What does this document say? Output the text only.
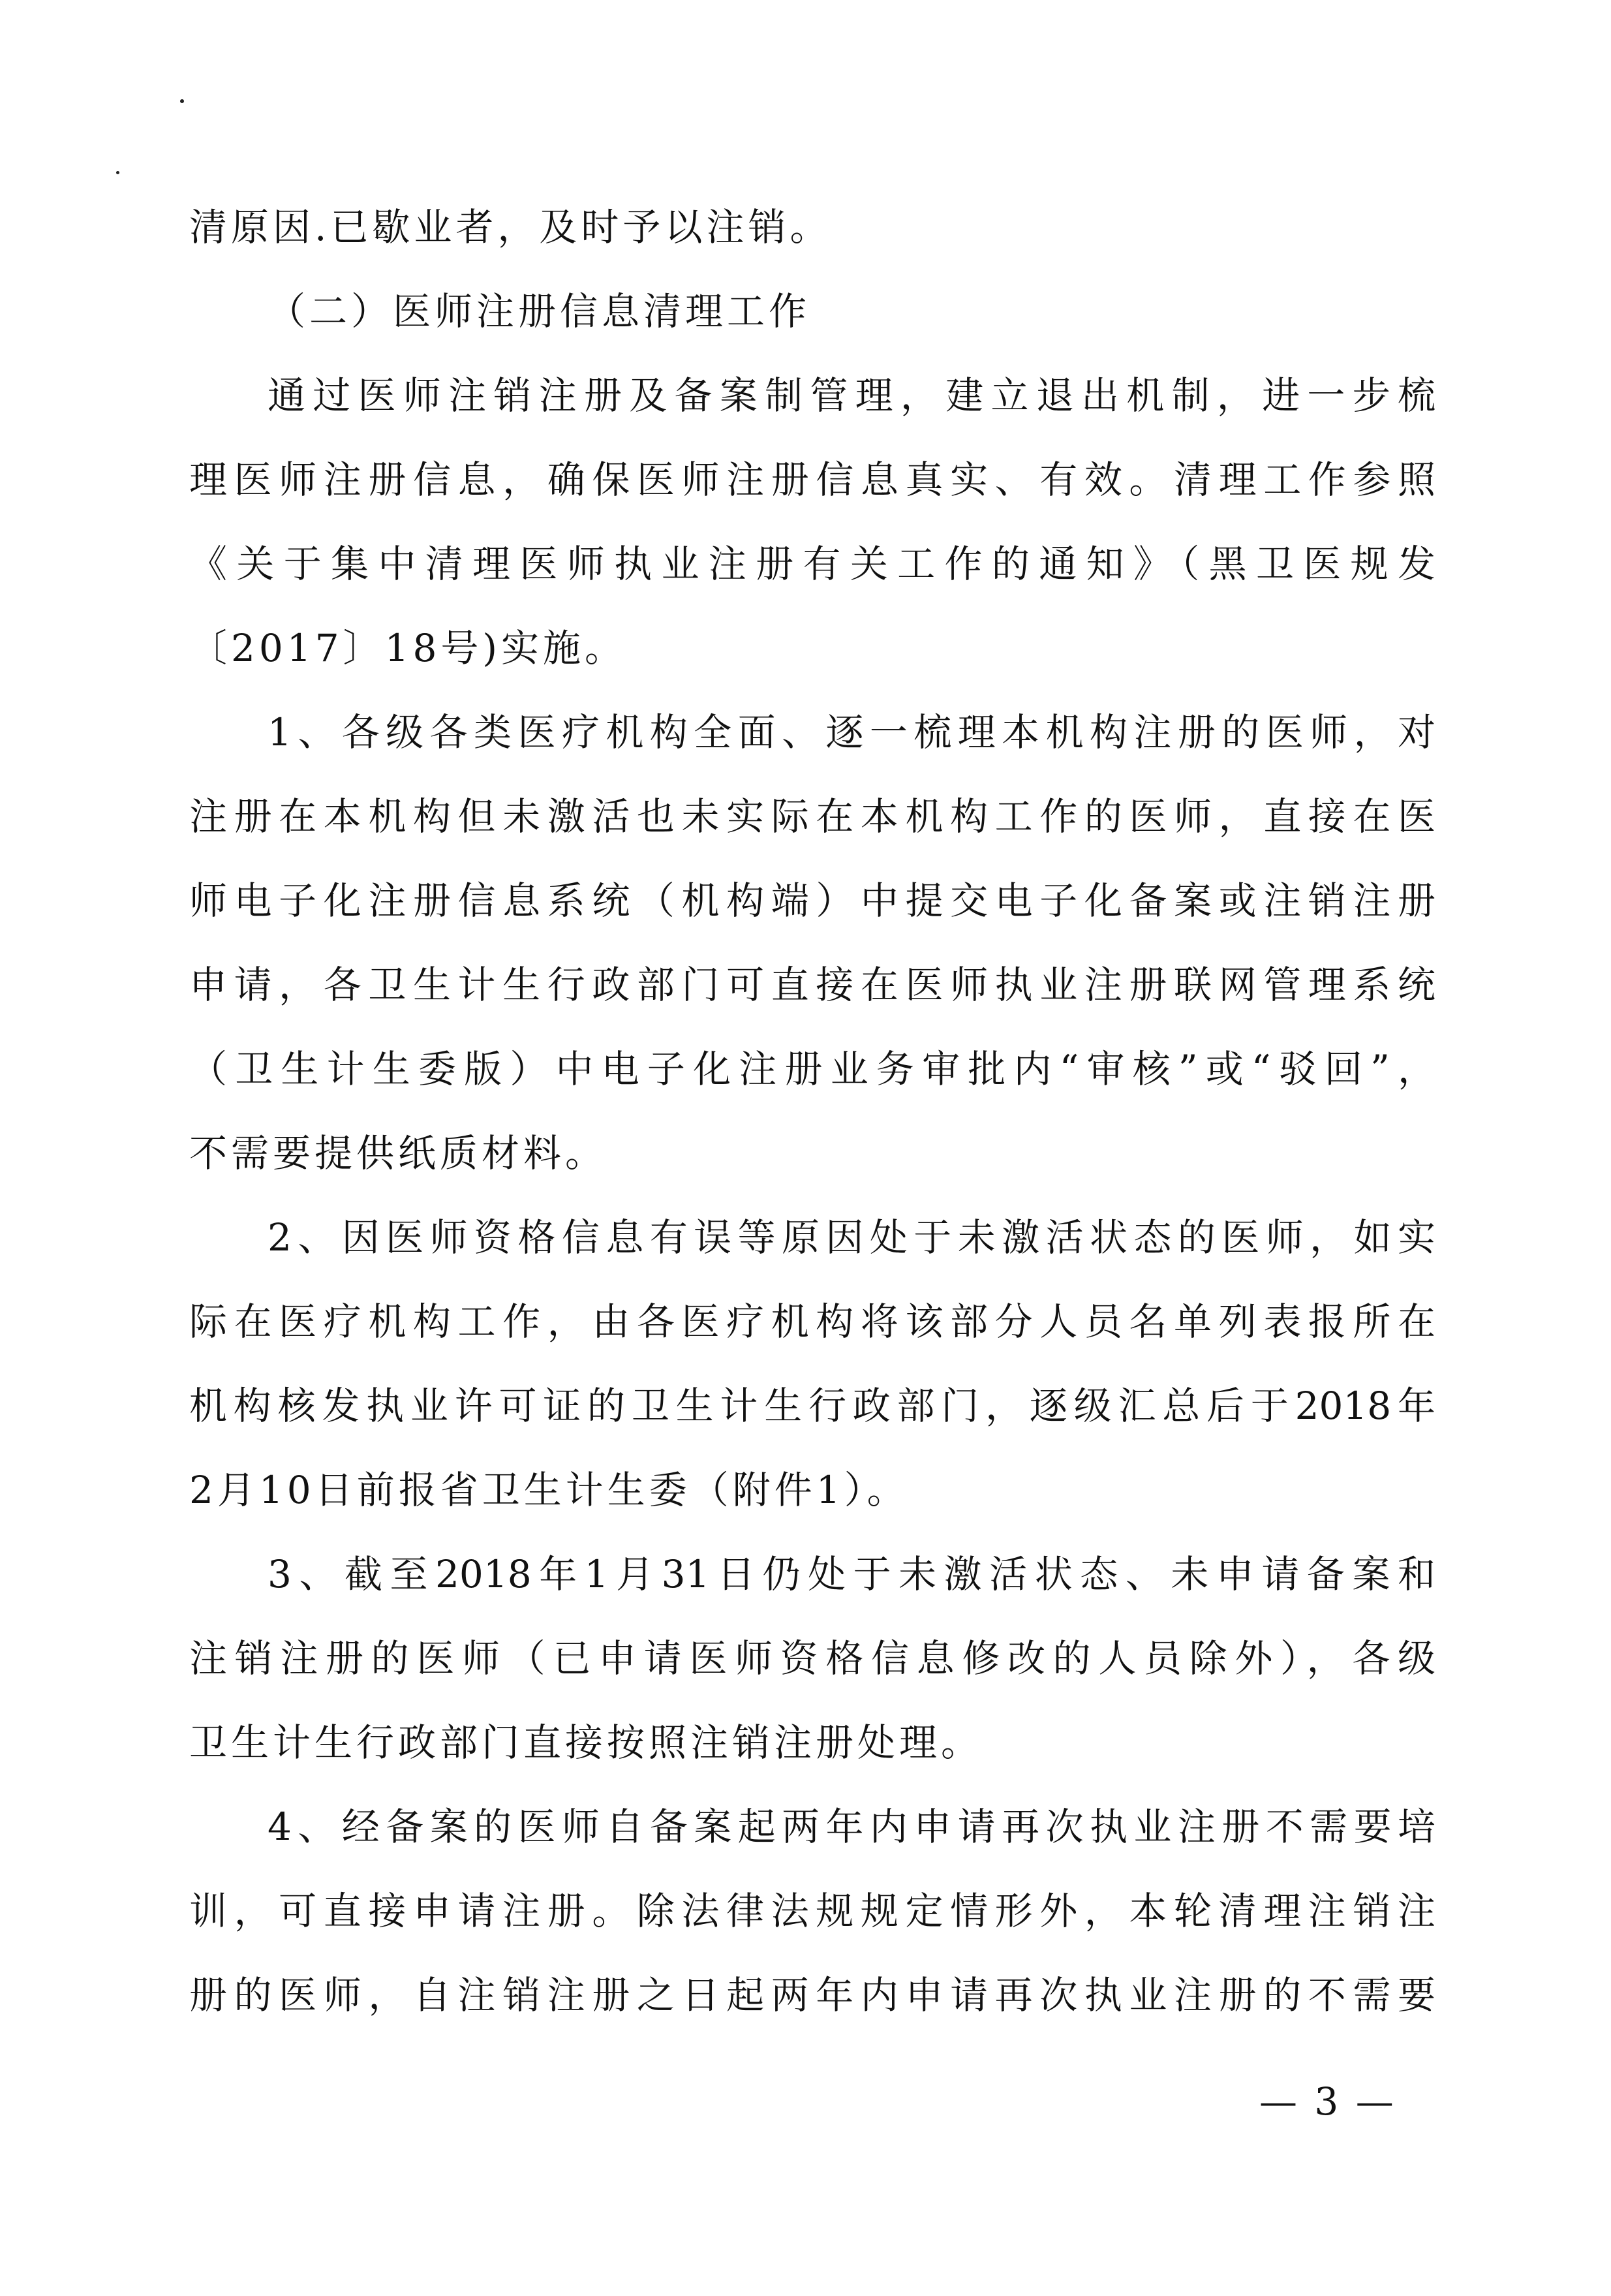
清原因.已歇业者，及时予以注销。
（二）医师注册信息清理工作
通过医师注销注册及备案制管理，建立退出机制，进一步梳
理医师注册信息，确保医师注册信息真实、有效。清理工作参照
《关于集中清理医师执业注册有关工作的通知》（黑卫医规发
〔2017〕18号)实施。
1、各级各类医疗机构全面、逐一梳理本机构注册的医师，对
注册在本机构但未激活也未实际在本机构工作的医师，直接在医
师电子化注册信息系统（机构端）中提交电子化备案或注销注册
申请，各卫生计生行政部门可直接在医师执业注册联网管理系统
（卫生计生委版）中电子化注册业务审批内“审核”或“驳回”，
不需要提供纸质材料。
2、因医师资格信息有误等原因处于未激活状态的医师，如实
际在医疗机构工作，由各医疗机构将该部分人员名单列表报所在
机构核发执业许可证的卫生计生行政部门，逐级汇总后于2018年
2月10日前报省卫生计生委（附件1）。
3、截至2018年1月31日仍处于未激活状态、未申请备案和
注销注册的医师（已申请医师资格信息修改的人员除外），各级
卫生计生行政部门直接按照注销注册处理。
4、经备案的医师自备案起两年内申请再次执业注册不需要培
训，可直接申请注册。除法律法规规定情形外，本轮清理注销注
册的医师，自注销注册之日起两年内申请再次执业注册的不需要
— 3 —
